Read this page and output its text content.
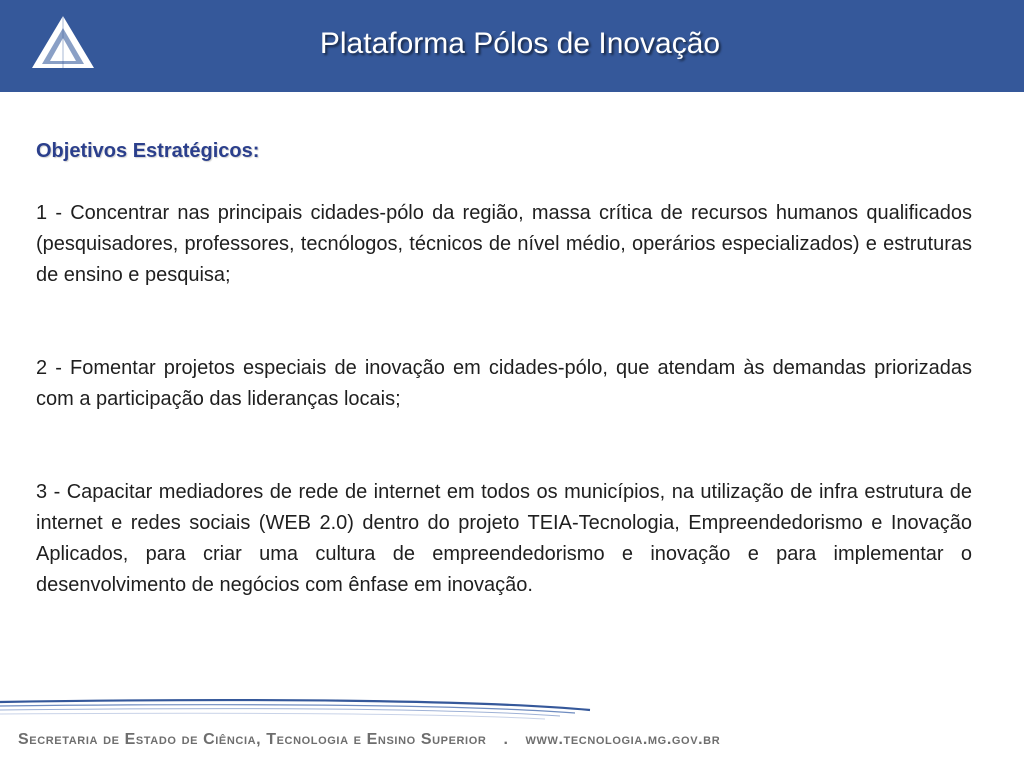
Plataforma Pólos de Inovação
Objetivos Estratégicos:

1 - Concentrar nas principais cidades-pólo da região, massa crítica de recursos humanos qualificados (pesquisadores, professores, tecnólogos, técnicos de nível médio, operários especializados) e estruturas de ensino e pesquisa;

2 - Fomentar projetos especiais de inovação em cidades-pólo, que atendam às demandas priorizadas com a participação das lideranças locais;

3 - Capacitar mediadores de rede de internet em todos os municípios, na utilização de infra estrutura de internet e redes sociais (WEB 2.0) dentro do projeto TEIA-Tecnologia, Empreendedorismo e Inovação Aplicados, para criar uma cultura de empreendedorismo e inovação e para implementar o desenvolvimento de negócios com ênfase em inovação.

Secretaria de Estado de Ciência, Tecnologia e Ensino Superior . www.tecnologia.mg.gov.br
